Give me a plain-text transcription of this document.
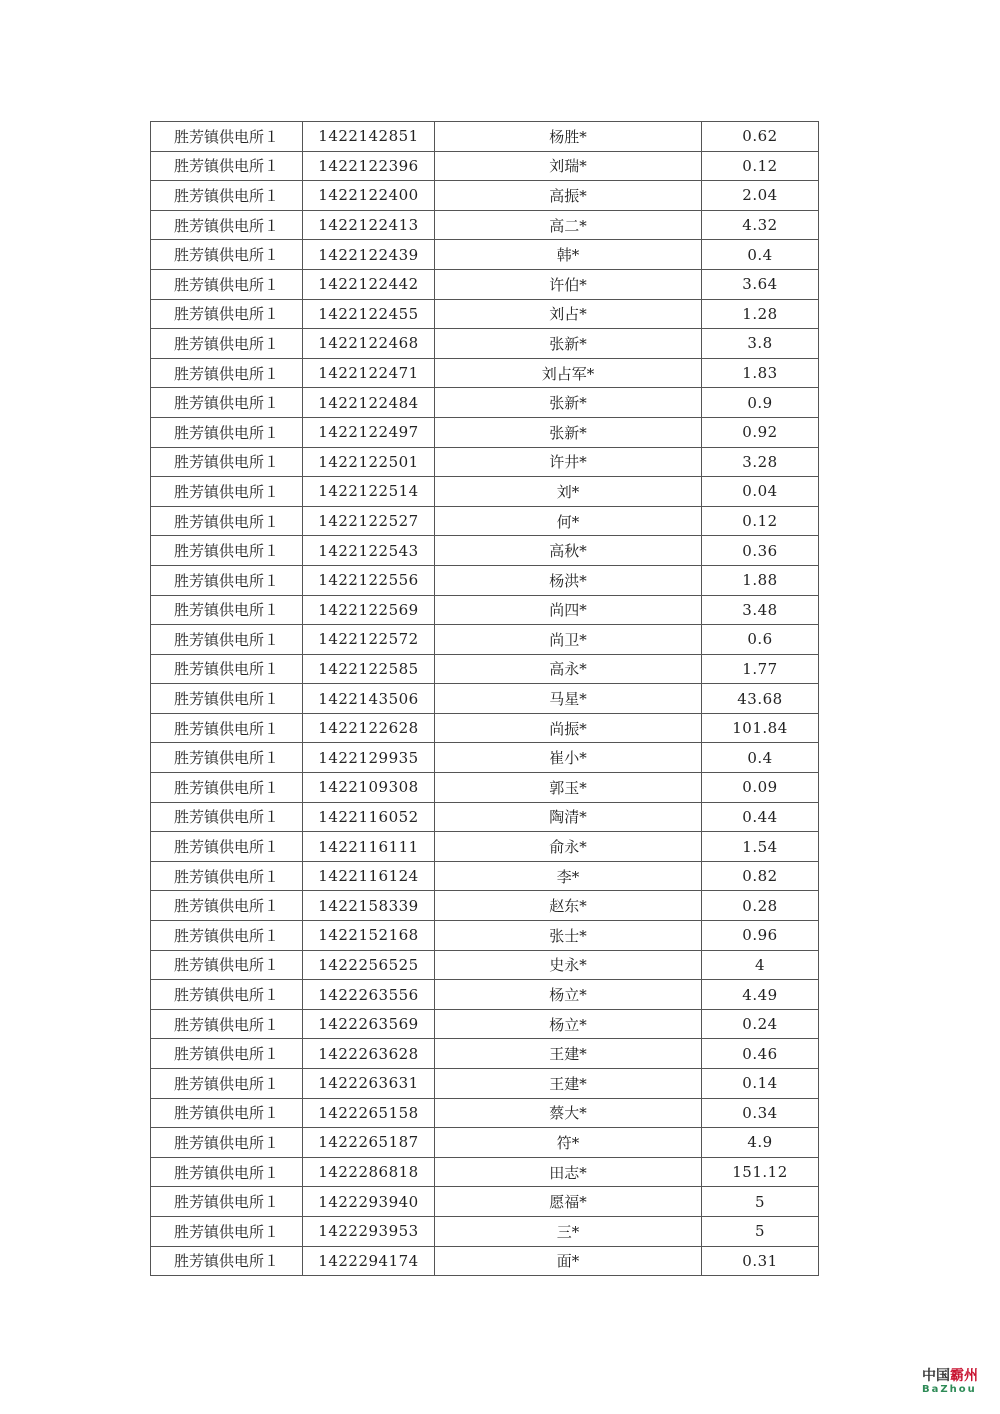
胜芳镇供电所１	1422142851	杨胜*	0.62
胜芳镇供电所１	1422122396	刘瑞*	0.12
胜芳镇供电所１	1422122400	高振*	2.04
胜芳镇供电所１	1422122413	高二*	4.32
胜芳镇供电所１	1422122439	韩*	0.4
胜芳镇供电所１	1422122442	许伯*	3.64
胜芳镇供电所１	1422122455	刘占*	1.28
胜芳镇供电所１	1422122468	张新*	3.8
胜芳镇供电所１	1422122471	刘占军*	1.83
胜芳镇供电所１	1422122484	张新*	0.9
胜芳镇供电所１	1422122497	张新*	0.92
胜芳镇供电所１	1422122501	许井*	3.28
胜芳镇供电所１	1422122514	刘*	0.04
胜芳镇供电所１	1422122527	何*	0.12
胜芳镇供电所１	1422122543	高秋*	0.36
胜芳镇供电所１	1422122556	杨洪*	1.88
胜芳镇供电所１	1422122569	尚四*	3.48
胜芳镇供电所１	1422122572	尚卫*	0.6
胜芳镇供电所１	1422122585	高永*	1.77
胜芳镇供电所１	1422143506	马星*	43.68
胜芳镇供电所１	1422122628	尚振*	101.84
胜芳镇供电所１	1422129935	崔小*	0.4
胜芳镇供电所１	1422109308	郭玉*	0.09
胜芳镇供电所１	1422116052	陶清*	0.44
胜芳镇供电所１	1422116111	俞永*	1.54
胜芳镇供电所１	1422116124	李*	0.82
胜芳镇供电所１	1422158339	赵东*	0.28
胜芳镇供电所１	1422152168	张士*	0.96
胜芳镇供电所１	1422256525	史永*	4
胜芳镇供电所１	1422263556	杨立*	4.49
胜芳镇供电所１	1422263569	杨立*	0.24
胜芳镇供电所１	1422263628	王建*	0.46
胜芳镇供电所１	1422263631	王建*	0.14
胜芳镇供电所１	1422265158	蔡大*	0.34
胜芳镇供电所１	1422265187	符*	4.9
胜芳镇供电所１	1422286818	田志*	151.12
胜芳镇供电所１	1422293940	愿福*	5
胜芳镇供电所１	1422293953	三*	5
胜芳镇供电所１	1422294174	面*	0.31
中国霸州
BaZhou
